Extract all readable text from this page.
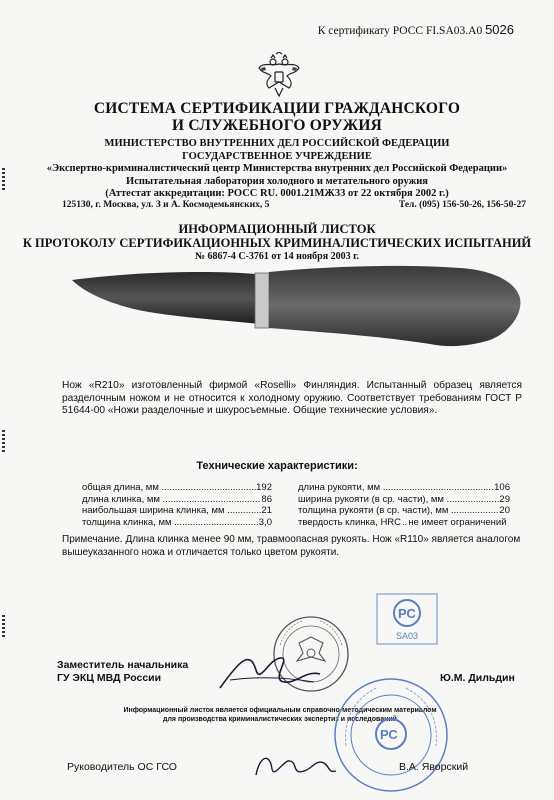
К сертификату РОСС FI.SA03.A0 5026
СИСТЕМА СЕРТИФИКАЦИИ ГРАЖДАНСКОГО
И СЛУЖЕБНОГО ОРУЖИЯ
МИНИСТЕРСТВО ВНУТРЕННИХ ДЕЛ РОССИЙСКОЙ ФЕДЕРАЦИИ
ГОСУДАРСТВЕННОЕ УЧРЕЖДЕНИЕ
«Экспертно-криминалистический центр Министерства внутренних дел Российской Федерации»
Испытательная лаборатория холодного и метательного оружия
(Аттестат аккредитации: РОСС RU. 0001.21МЖ33 от 22 октября 2002 г.)
125130, г. Москва, ул. З и А. Космодемьянских, 5	Тел. (095) 156-50-26, 156-50-27
ИНФОРМАЦИОННЫЙ ЛИСТОК
К ПРОТОКОЛУ СЕРТИФИКАЦИОННЫХ КРИМИНАЛИСТИЧЕСКИХ ИСПЫТАНИЙ
№ 6867-4 С-3761 от 14 ноября 2003 г.
Нож «R210» изготовленный фирмой «Roselli» Финляндия. Испытанный образец является разделочным ножом и не относится к холодному оружию. Соответствует требованиям ГОСТ Р 51644-00 «Ножи разделочные и шкуросъемные. Общие технические условия».
Технические характеристики:
общая длина, мм .....	192
длина клинка, мм .....	86
наибольшая ширина клинка, мм .....	21
толщина клинка, мм .....	3,0
длина рукояти, мм .....	106
ширина рукояти (в ср. части), мм .....	29
толщина рукояти (в ср. части), мм .....	20
твердость клинка, HRC .. не имеет ограничений
Примечание. Длина клинка менее 90 мм, травмоопасная рукоять. Нож «R110» является аналогом вышеуказанного ножа и отличается только цветом рукояти.
РС
SA03
Заместитель начальника
ГУ ЭКЦ МВД России	Ю.М. Дильдин
Информационный листок является официальным справочно-методическим материалом для производства криминалистических экспертиз и исследований
РС
Руководитель ОС ГСО	В.А. Яворский
